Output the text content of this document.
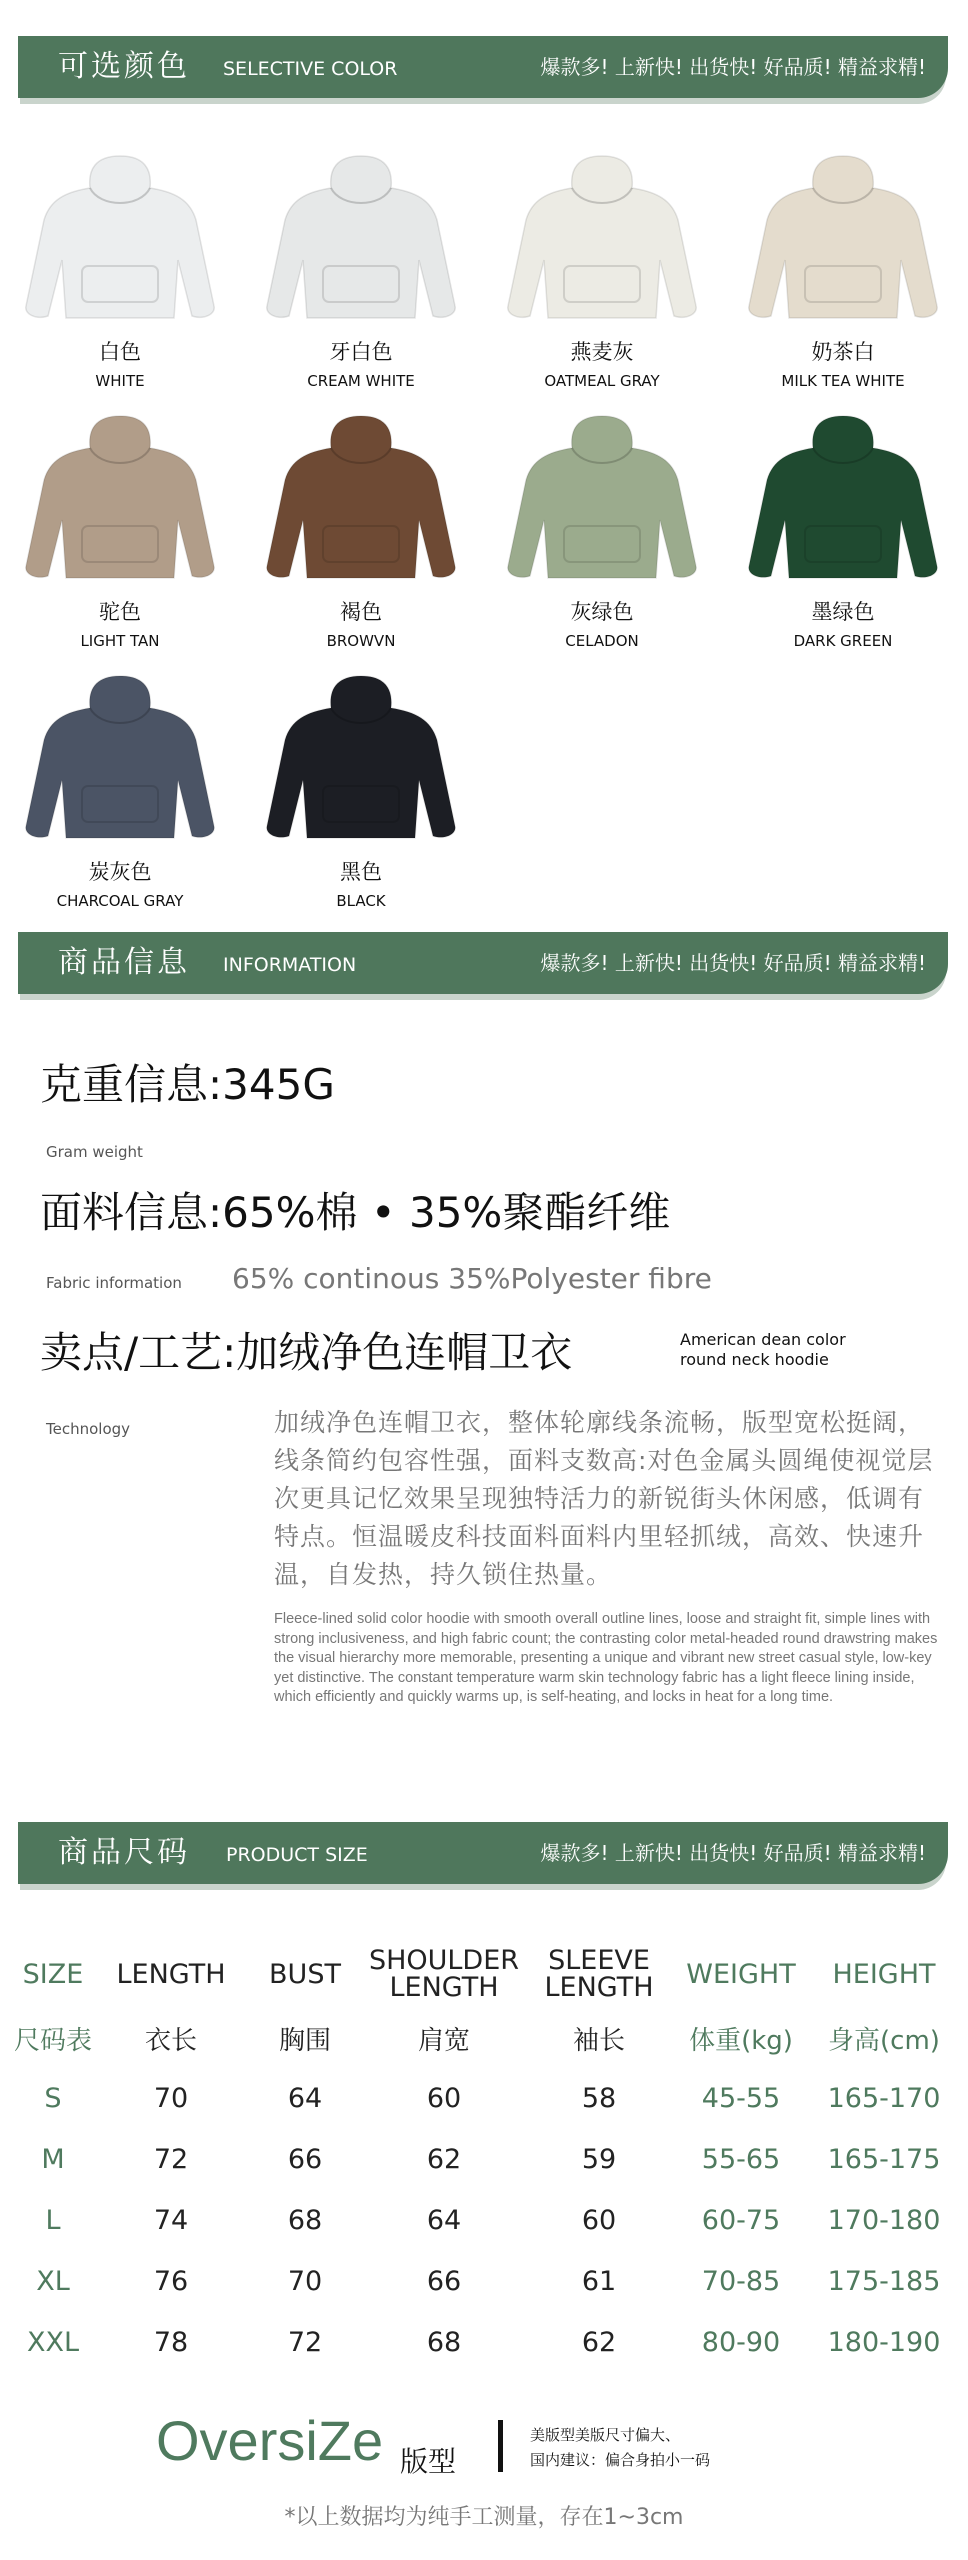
可选颜色 SELECTIVE COLOR	爆款多! 上新快! 出货快! 好品质! 精益求精!
白色
WHITE
牙白色
CREAM WHITE
燕麦灰
OATMEAL GRAY
奶茶白
MILK TEA WHITE
驼色
LIGHT TAN
褐色
BROWVN
灰绿色
CELADON
墨绿色
DARK GREEN
炭灰色
CHARCOAL GRAY
黑色
BLACK
商品信息 INFORMATION	爆款多! 上新快! 出货快! 好品质! 精益求精!
克重信息:345G
Gram weight
面料信息:65%棉 • 35%聚酯纤维
Fabric information 65% continous 35%Polyester fibre
卖点/工艺:加绒净色连帽卫衣	American dean color
round neck hoodie
Technology	加绒净色连帽卫衣，整体轮廓线条流畅，版型宽松挺阔，线条简约包容性强，面料支数高:对色金属头圆绳使视觉层次更具记忆效果呈现独特活力的新锐街头休闲感，低调有特点。恒温暖皮科技面料面料内里轻抓绒，高效、快速升温，自发热，持久锁住热量。
Fleece-lined solid color hoodie with smooth overall outline lines, loose and straight fit, simple lines with strong inclusiveness, and high fabric count; the contrasting color metal-headed round drawstring makes the visual hierarchy more memorable, presenting a unique and vibrant new street casual style, low-key yet distinctive. The constant temperature warm skin technology fabric has a light fleece lining inside, which efficiently and quickly warms up, is self-heating, and locks in heat for a long time.
商品尺码 PRODUCT SIZE	爆款多! 上新快! 出货快! 好品质! 精益求精!
SIZE	LENGTH	BUST	SHOULDER LENGTH	SLEEVE LENGTH	WEIGHT	HEIGHT
尺码表	衣长	胸围	肩宽	袖长	体重(kg)	身高(cm)
S	70	64	60	58	45-55	165-170
M	72	66	62	59	55-65	165-175
L	74	68	64	60	60-75	170-180
XL	76	70	66	61	70-85	175-185
XXL	78	72	68	62	80-90	180-190
OversiZe 版型
美版型美版尺寸偏大、
国内建议：偏合身拍小一码
*以上数据均为纯手工测量，存在1~3cm
